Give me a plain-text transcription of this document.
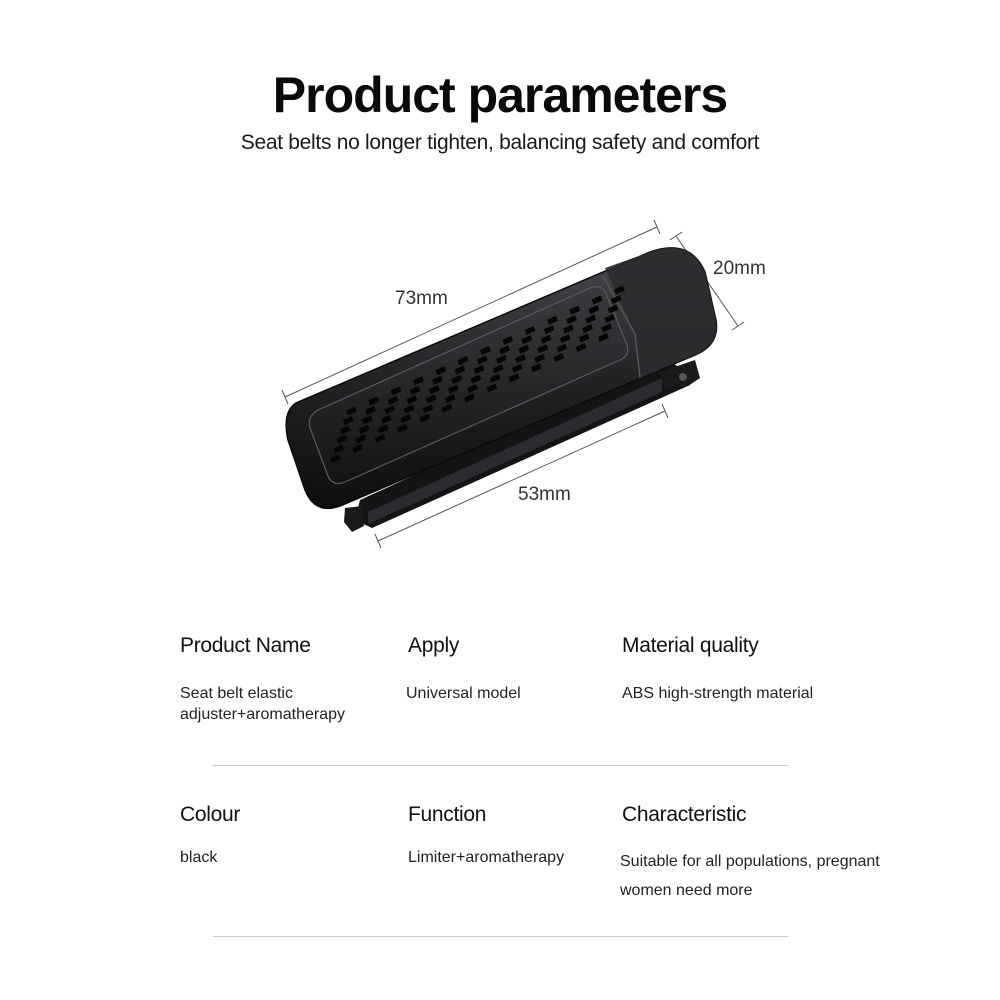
Product parameters
Seat belts no longer tighten, balancing safety and comfort
73mm
20mm
53mm
Product Name
Seat belt elastic
adjuster+aromatherapy
Apply
Universal model
Material quality
ABS high-strength material
Colour
black
Function
Limiter+aromatherapy
Characteristic
Suitable for all populations, pregnant
women need more
